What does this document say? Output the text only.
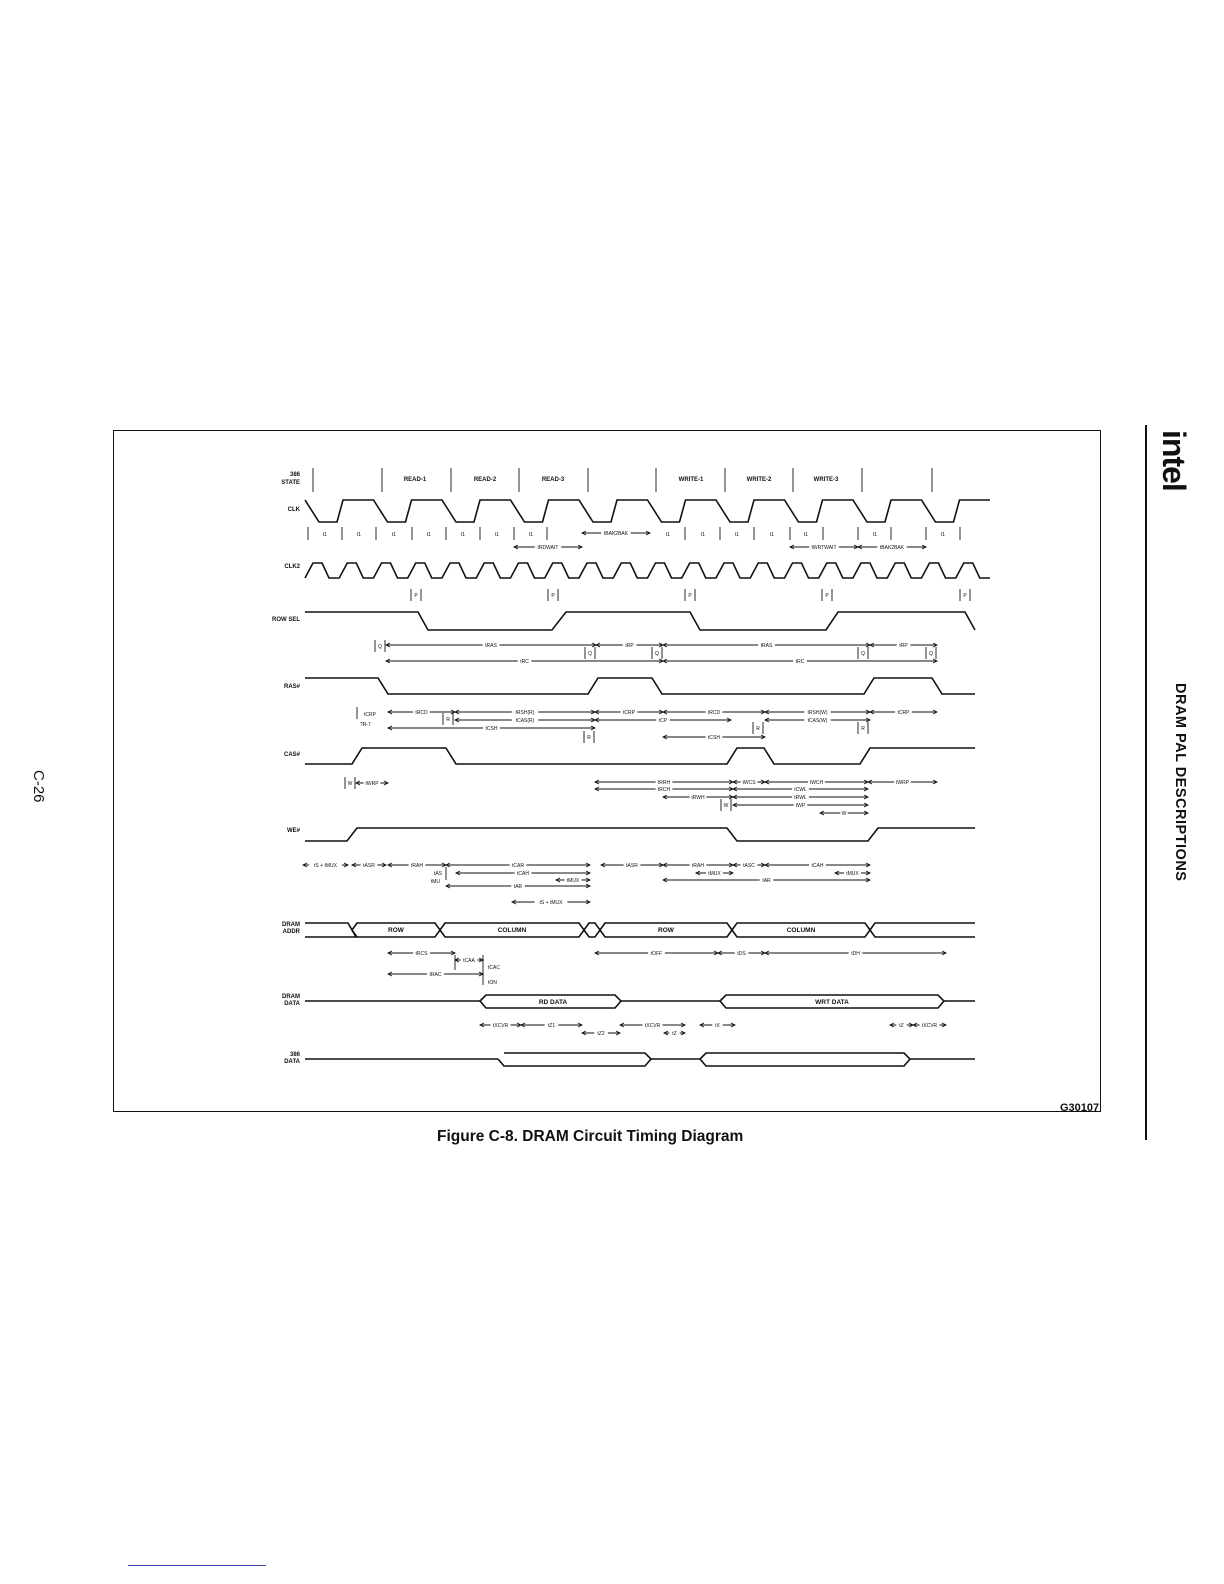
intel
DRAM PAL DESCRIPTIONS
C-26
G30107
Figure C-8. DRAM Circuit Timing Diagram
386
STATE
CLK
CLK2
ROW SEL
RAS#
CAS#
WE#
DRAM
ADDR
DRAM
DATA
386
DATA
READ-1	READ-2	READ-3	WRITE-1	WRITE-2	WRITE-3
t1	t1	t1	t1	t1	t1	t1	t1	t1	t1	t1	t1	t1	t1
ROW	COLUMN	ROW	COLUMN
RD DATA	WRT DATA
tRDWAIT
tBAK2BAK
tWRTWAIT	tBAK2BAK
P	P	P	P	P
Q	tRAS	tRP
Q	Q
tRC
tRAS	tRP
Q	Q
tRC
tCRP
?R-7
tRCD	tRSH(R)
tCAS(R)
R
tCSH
R
tCRP
tCP
tRCD	tRSH(W)
tCAS(W)
R	R
tCSH
tCRP
W	tWRP	tRRH
tRCH
tRWH
W
tWCS	tWCH
tCWL
tRWL
tWP
W
tWRP
tS + tMUX	tASR	tRAH	tCAR
tAS	tCAH
tMU
tAR
tMUX
tS + tMUX
tASR	tRAH
tMUX
tASC	tCAH
tMUX
tAR
tRCS
tCAA
tCAC
tRAC
tON
tOFF	tDS	tDH
tXCVR	tZ1
tZ2
tXCVR
tZ
tX	tZ	tXCVR
